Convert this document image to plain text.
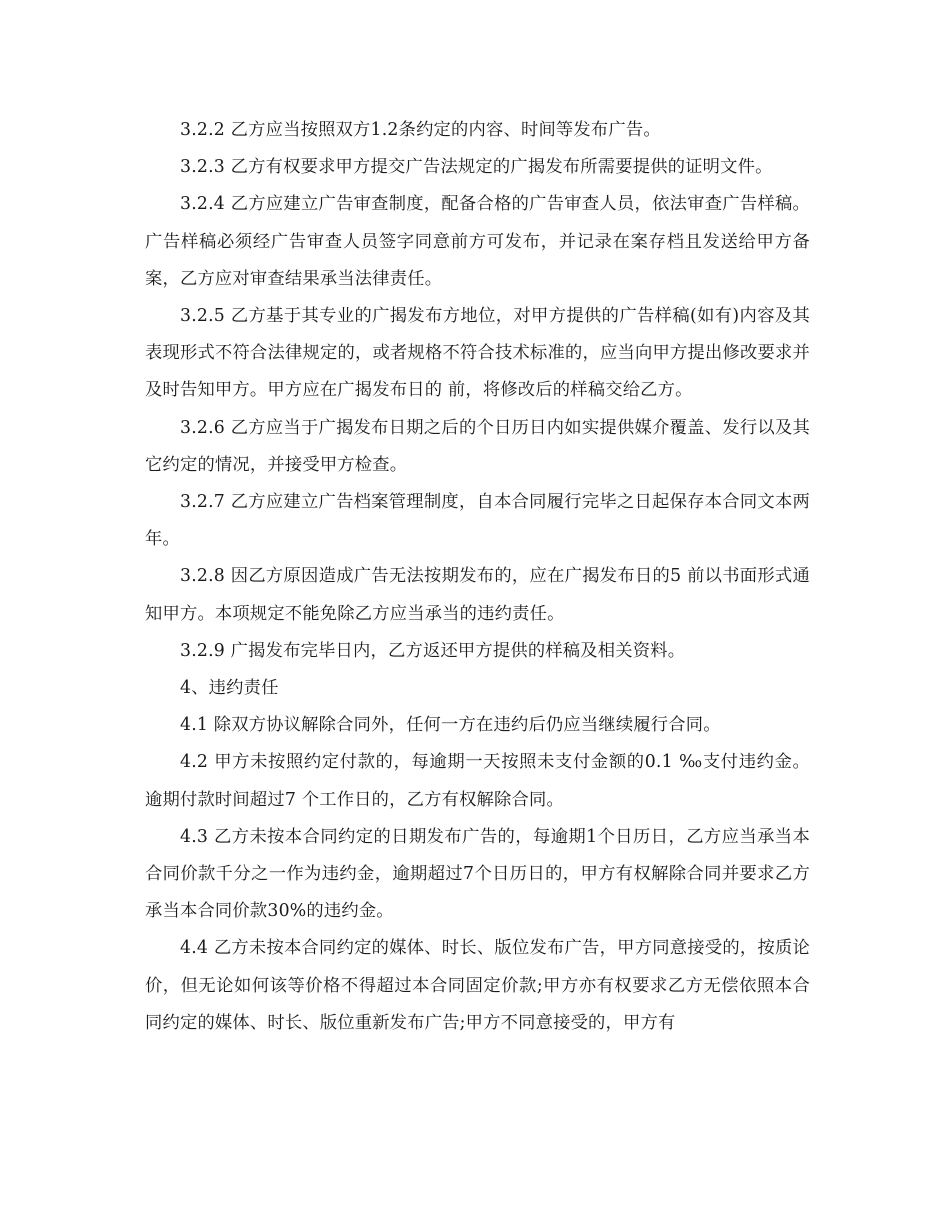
3.2.2 乙方应当按照双方1.2条约定的内容、时间等发布广告。

3.2.3 乙方有权要求甲方提交广告法规定的广揭发布所需要提供的证明文件。

3.2.4 乙方应建立广告审查制度，配备合格的广告审查人员，依法审查广告样稿。广告样稿必须经广告审查人员签字同意前方可发布，并记录在案存档且发送给甲方备案，乙方应对审查结果承当法律责任。

3.2.5 乙方基于其专业的广揭发布方地位，对甲方提供的广告样稿(如有)内容及其表现形式不符合法律规定的，或者规格不符合技术标准的，应当向甲方提出修改要求并及时告知甲方。甲方应在广揭发布日的 前，将修改后的样稿交给乙方。

3.2.6 乙方应当于广揭发布日期之后的个日历日内如实提供媒介覆盖、发行以及其它约定的情况，并接受甲方检查。

3.2.7 乙方应建立广告档案管理制度，自本合同履行完毕之日起保存本合同文本两年。

3.2.8 因乙方原因造成广告无法按期发布的，应在广揭发布日的5 前以书面形式通知甲方。本项规定不能免除乙方应当承当的违约责任。

3.2.9 广揭发布完毕日内，乙方返还甲方提供的样稿及相关资料。

4、违约责任

4.1 除双方协议解除合同外，任何一方在违约后仍应当继续履行合同。

4.2 甲方未按照约定付款的，每逾期一天按照未支付金额的0.1 ‰支付违约金。逾期付款时间超过7 个工作日的，乙方有权解除合同。

4.3 乙方未按本合同约定的日期发布广告的，每逾期1个日历日，乙方应当承当本合同价款千分之一作为违约金，逾期超过7个日历日的，甲方有权解除合同并要求乙方承当本合同价款30%的违约金。

4.4 乙方未按本合同约定的媒体、时长、版位发布广告，甲方同意接受的，按质论价，但无论如何该等价格不得超过本合同固定价款;甲方亦有权要求乙方无偿依照本合同约定的媒体、时长、版位重新发布广告;甲方不同意接受的，甲方有
